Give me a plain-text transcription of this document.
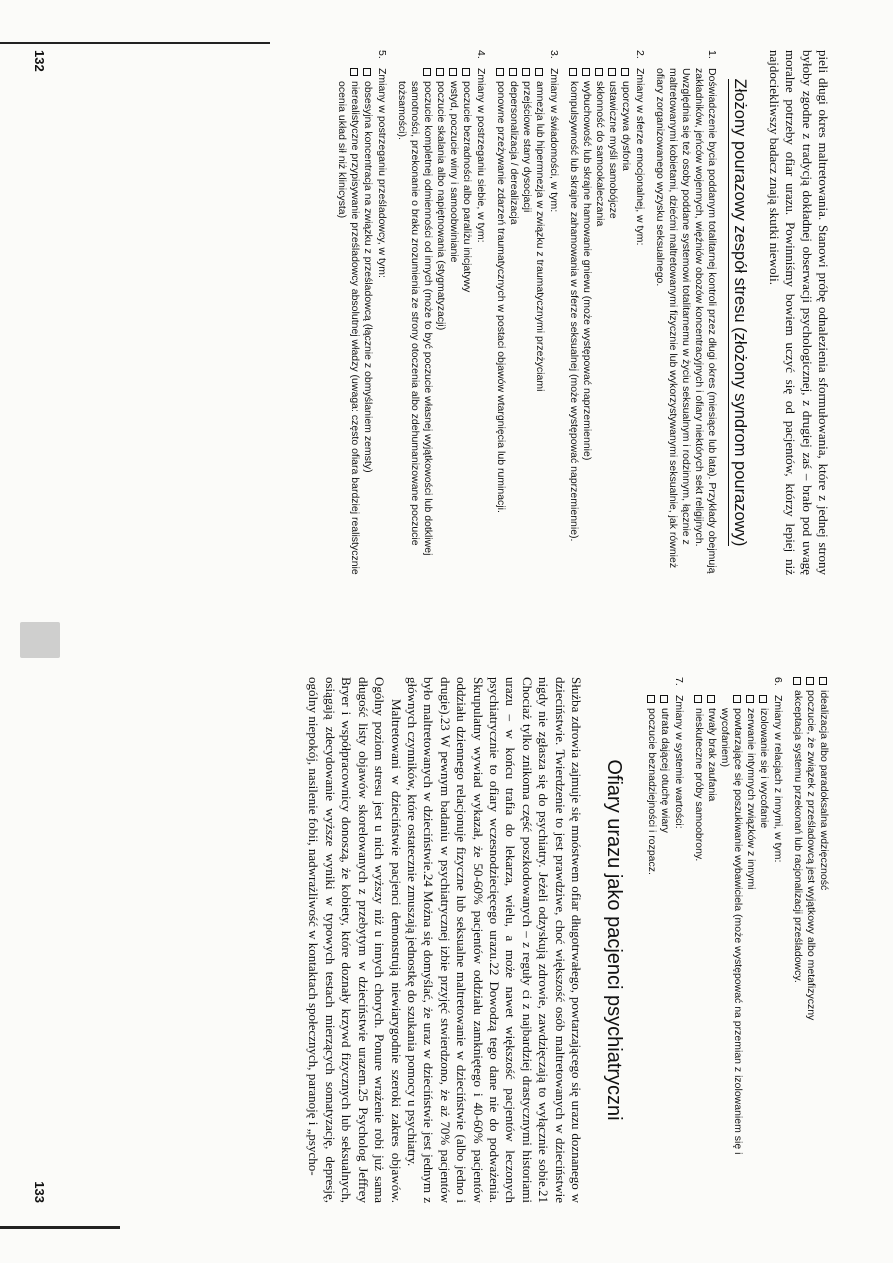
pieli długi okres maltretowania. Stanowi próbę odnalezienia sformułowania, które z jednej strony byłoby zgodne z tradycją dokładnej obserwacji psychologicznej, z drugiej zaś – brało pod uwagę moralne potrzeby ofiar urazu. Powinniśmy bowiem uczyć się od pacjentów, którzy lepiej niż najdociekliwszy badacz znają skutki niewoli.

Złożony pourazowy zespół stresu (złożony syndrom pourazowy)
1.
Doświadczenie bycia poddanym totalitarnej kontroli przez długi okres (miesiące lub lata). Przykłady obejmują zakładników, jeńców wojennych, więźniów obozów koncentracyjnych i ofiary niektórych sekt religijnych. Uwzględnia się też osoby poddane systemowi totalitarnemu w życiu seksualnym i rodzinnym, łącznie z maltretowanymi kobietami, dziećmi maltretowanymi fizycznie lub wykorzystywanymi seksualnie, jak również ofiary zorganizowanego wyzysku seksualnego.
2.
Zmiany w sferze emocjonalnej, w tym:
uporczywa dysforia
ustawiczne myśli samobójcze
skłonność do samookaleczania
wybuchowość lub skrajne hamowanie gniewu (może występować naprzemiennie)
kompulsywność lub skrajne zahamowania w sferze seksualnej (może występować naprzemiennie).
3.
Zmiany w świadomości, w tym:
amnezja lub hipermnezja w związku z traumatycznymi przeżyciami
przejściowe stany dysocjacji
depersonalizacja / derealizacja
ponowne przeżywanie zdarzeń traumatycznych w postaci objawów wtargnięcia lub ruminacji.
4.
Zmiany w postrzeganiu siebie, w tym:
poczucie bezradności albo paraliżu inicjatywy
wstyd, poczucie winy i samoobwinianie
poczucie skalania albo napiętnowania (stygmatyzacji)
poczucie kompletnej odmienności od innych (może to być poczucie własnej wyjątkowości lub dotkliwej samotności, przekonanie o braku zrozumienia ze strony otoczenia albo zdehumanizowane poczucie tożsamości).
5.
Zmiany w postrzeganiu prześladowcy, w tym:
obsesyjna koncentracja na związku z prześladowcą (łącznie z obmyślaniem zemsty)
nierealistyczne przypisywanie prześladowcy absolutnej władzy (uwaga: często ofiara bardziej realistycznie ocenia układ sił niż klinicysta)
132
idealizacja albo paradoksalna wdzięczność
poczucie, że związek z prześladowcą jest wyjątkowy albo metafizyczny
akceptacja systemu przekonań lub racjonalizacji prześladowcy.
6.
Zmiany w relacjach z innymi, w tym:
izolowanie się i wycofanie
zerwanie intymnych związków z innymi
powtarzające się poszukiwanie wybawiciela (może występować na przemian z izolowaniem się i wycofaniem)
trwały brak zaufania
nieskuteczne próby samoobrony.
7.
Zmiany w systemie wartości:
utrata dającej otuchę wiary
poczucie beznadziejności i rozpacz.
Ofiary urazu jako pacjenci psychiatryczni

Służba zdrowia zajmuje się mnóstwem ofiar długotrwałego, powtarzającego się urazu doznanego w dzieciństwie. Twierdzenie to jest prawdziwe, choć większość osób maltretowanych w dzieciństwie nigdy nie zgłasza się do psychiatry. Jeżeli odzyskują zdrowie, zawdzięczają to wyłącznie sobie.21 Chociaż tylko znikoma część poszkodowanych – z reguły ci z najbardziej drastycznymi historiami urazu – w końcu trafia do lekarza, wielu, a może nawet większość pacjentów leczonych psychiatrycznie to ofiary wczesnodziecięcego urazu.22 Dowodzą tego dane nie do podważenia. Skrupulatny wywiad wykazał, że 50-60% pacjentów oddziału zamkniętego i 40-60% pacjentów oddziału dziennego relacjonuje fizyczne lub seksualne maltretowanie w dzieciństwie (albo jedno i drugie).23 W pewnym badaniu w psychiatrycznej izbie przyjęć stwierdzono, że aż 70% pacjentów było maltretowanych w dzieciństwie.24 Można się domyślać, że uraz w dzieciństwie jest jednym z głównych czynników, które ostatecznie zmuszają jednostkę do szukania pomocy u psychiatry.

Maltretowani w dzieciństwie pacjenci demonstrują niewiarygodnie szeroki zakres objawów. Ogólny poziom stresu jest u nich wyższy niż u innych chorych. Ponure wrażenie robi już sama długość listy objawów skorelowanych z przebytym w dzieciństwie urazem.25 Psycholog Jeffrey Bryer i współpracownicy donoszą, że kobiety, które doznały krzywd fizycznych lub seksualnych, osiągają zdecydowanie wyższe wyniki w typowych testach mierzących somatyzację, depresję, ogólny niepokój, nasilenie fobii, nadwrażliwość w kontaktach społecznych, paranoję i „psycho-

133
